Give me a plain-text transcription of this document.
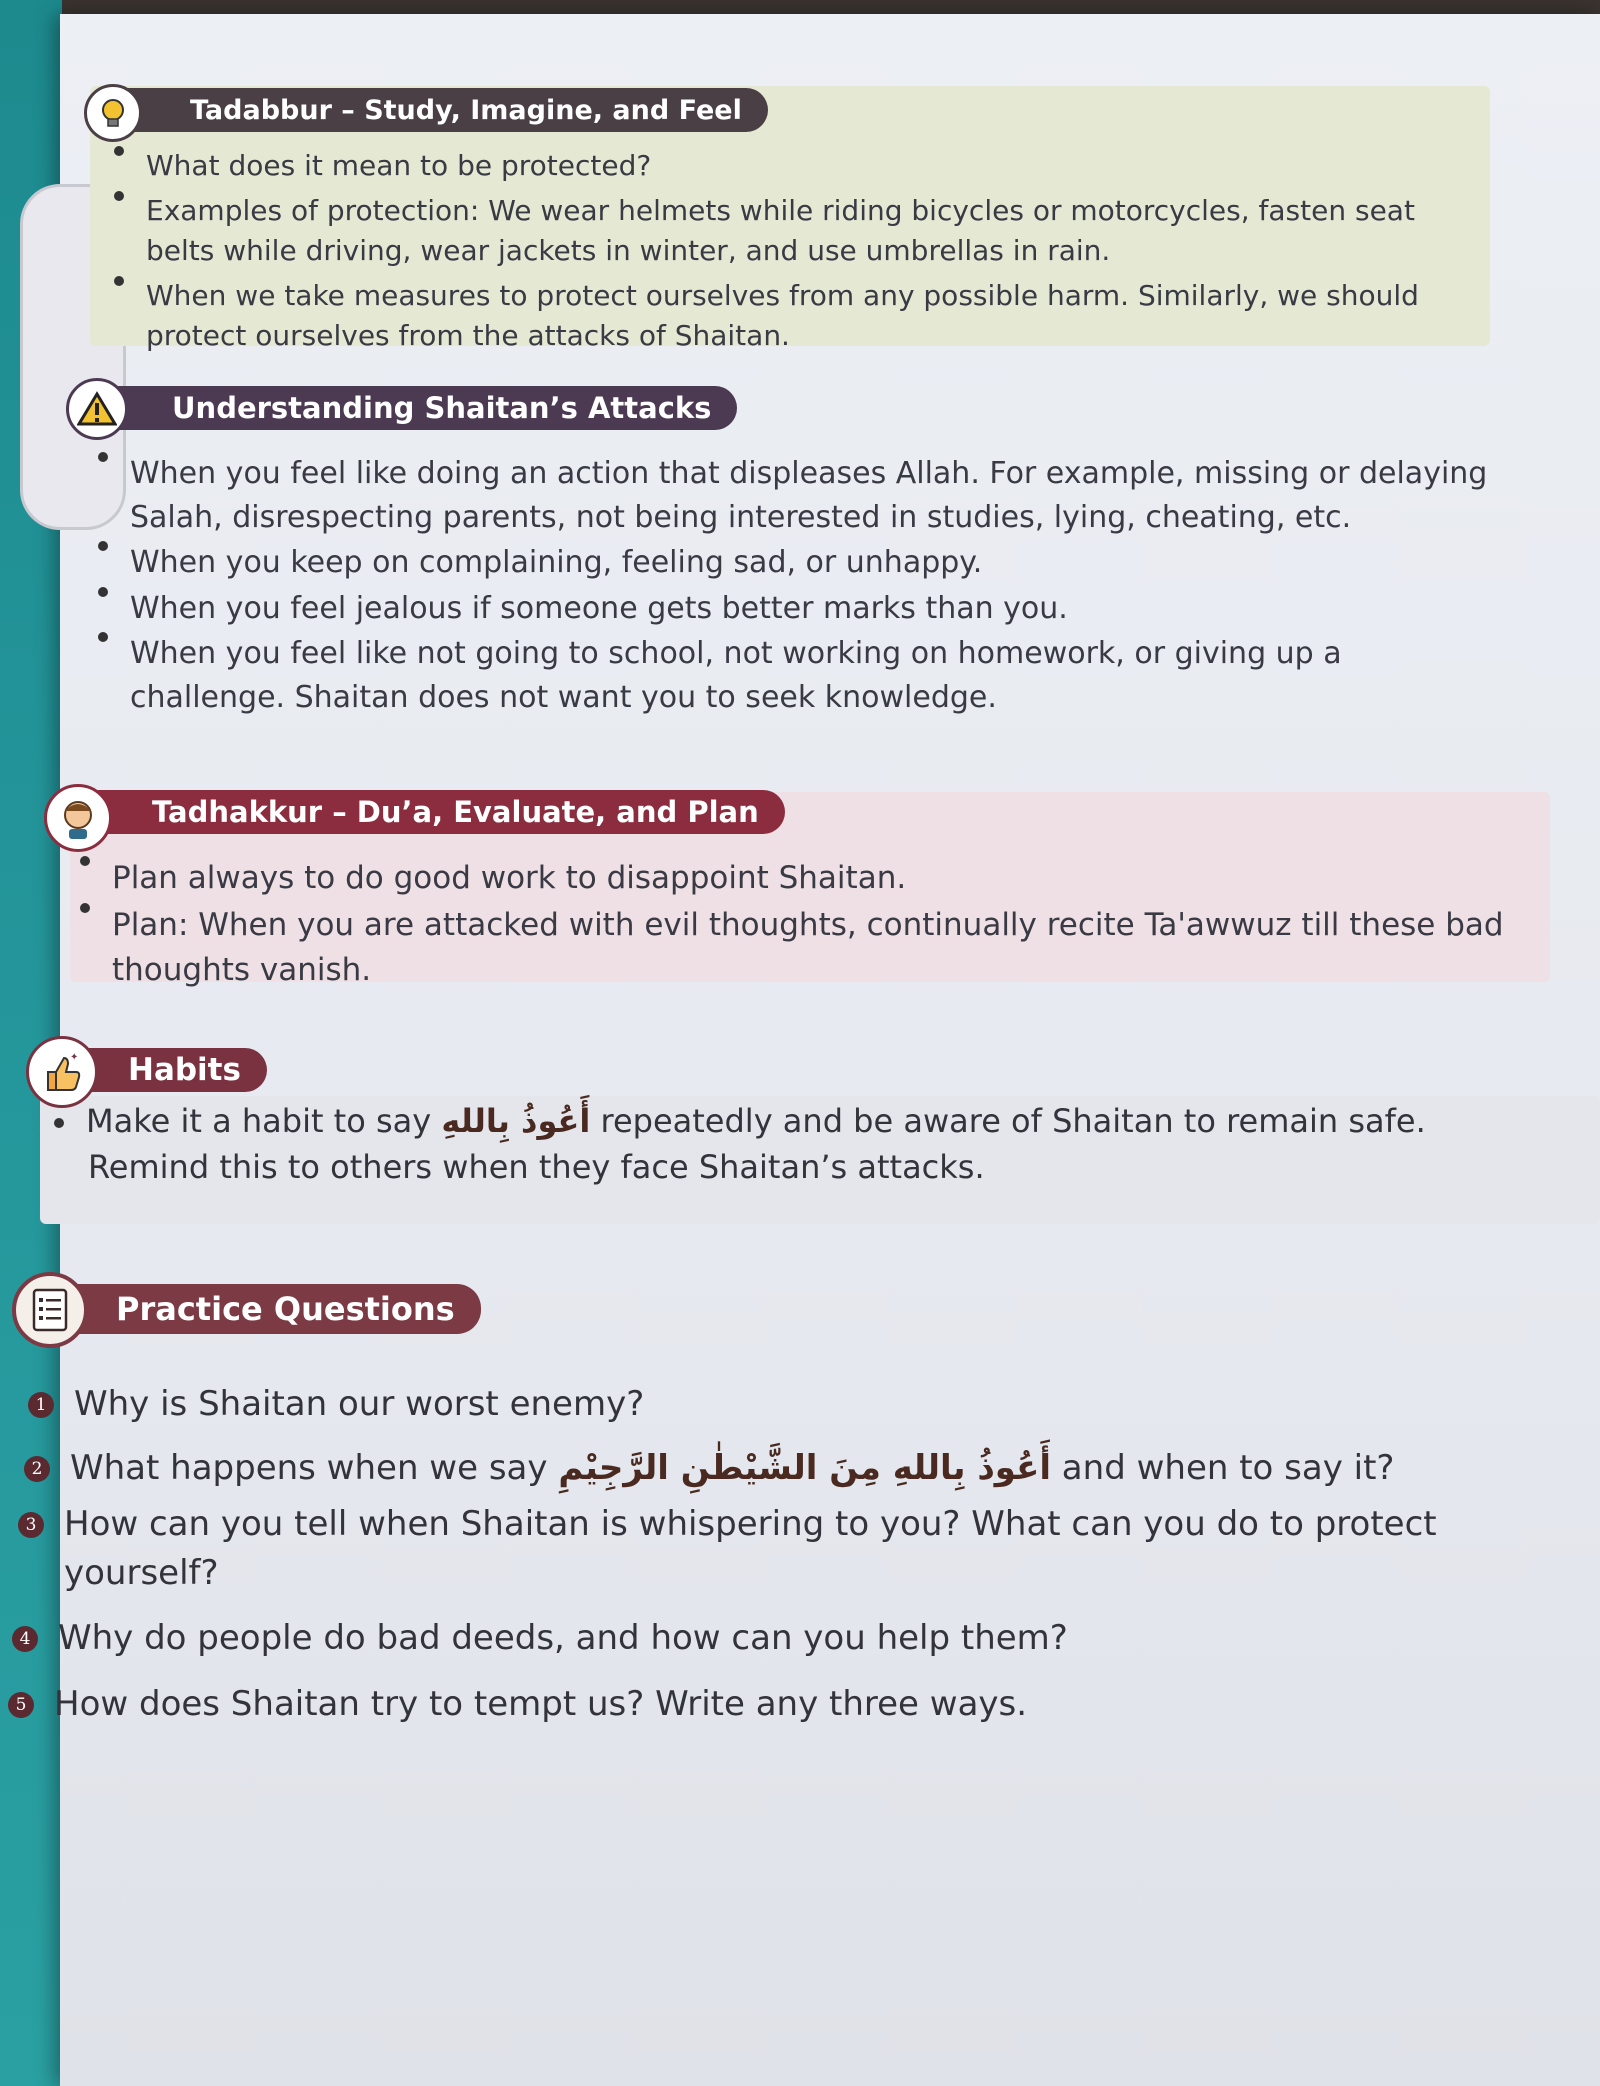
Tadabbur – Study, Imagine, and Feel
What does it mean to be protected?
Examples of protection: We wear helmets while riding bicycles or motorcycles, fasten seat belts while driving, wear jackets in winter, and use umbrellas in rain.
When we take measures to protect ourselves from any possible harm. Similarly, we should protect ourselves from the attacks of Shaitan.
Understanding Shaitan’s Attacks
When you feel like doing an action that displeases Allah. For example, missing or delaying Salah, disrespecting parents, not being interested in studies, lying, cheating, etc.
When you keep on complaining, feeling sad, or unhappy.
When you feel jealous if someone gets better marks than you.
When you feel like not going to school, not working on homework, or giving up a challenge. Shaitan does not want you to seek knowledge.
Tadhakkur – Du’a, Evaluate, and Plan
Plan always to do good work to disappoint Shaitan.
Plan: When you are attacked with evil thoughts, continually recite Ta'awwuz till these bad thoughts vanish.
Habits
✦
Make it a habit to say أَعُوذُ بِاللهِ repeatedly and be aware of Shaitan to remain safe. Remind this to others when they face Shaitan’s attacks.
Practice Questions
1 Why is Shaitan our worst enemy?
2 What happens when we say أَعُوذُ بِاللهِ مِنَ الشَّيْطٰنِ الرَّجِيْمِ and when to say it?
3 How can you tell when Shaitan is whispering to you? What can you do to protect yourself?
4 Why do people do bad deeds, and how can you help them?
5 How does Shaitan try to tempt us? Write any three ways.
